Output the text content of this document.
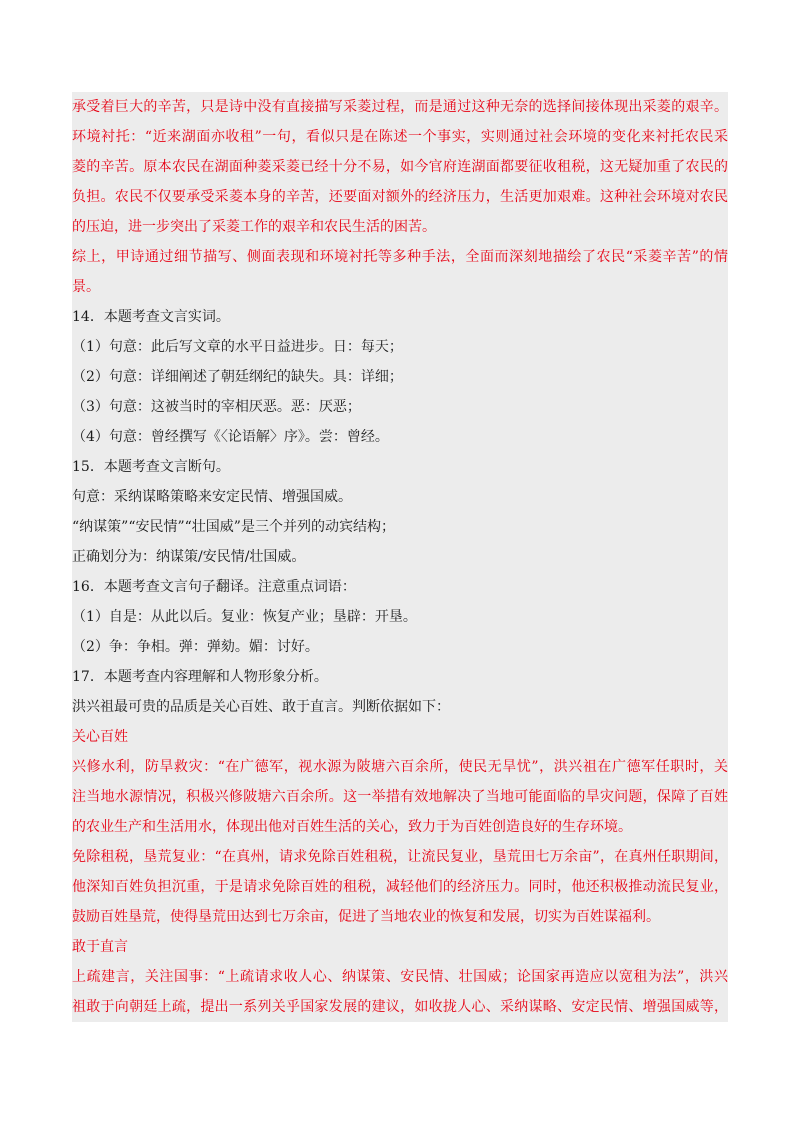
承受着巨大的辛苦，只是诗中没有直接描写采菱过程，而是通过这种无奈的选择间接体现出采菱的艰辛。

环境衬托：“近来湖面亦收租”一句，看似只是在陈述一个事实，实则通过社会环境的变化来衬托农民采

菱的辛苦。原本农民在湖面种菱采菱已经十分不易，如今官府连湖面都要征收租税，这无疑加重了农民的

负担。农民不仅要承受采菱本身的辛苦，还要面对额外的经济压力，生活更加艰难。这种社会环境对农民

的压迫，进一步突出了采菱工作的艰辛和农民生活的困苦。

综上，甲诗通过细节描写、侧面表现和环境衬托等多种手法，全面而深刻地描绘了农民“采菱辛苦”的情

景。

14．本题考查文言实词。

（1）句意：此后写文章的水平日益进步。日：每天；

（2）句意：详细阐述了朝廷纲纪的缺失。具：详细；

（3）句意：这被当时的宰相厌恶。恶：厌恶；

（4）句意：曾经撰写《〈论语解〉序》。尝：曾经。

15．本题考查文言断句。

句意：采纳谋略策略来安定民情、增强国威。

“纳谋策”“安民情”“壮国威”是三个并列的动宾结构；

正确划分为：纳谋策/安民情/壮国威。

16．本题考查文言句子翻译。注意重点词语：

（1）自是：从此以后。复业：恢复产业；垦辟：开垦。

（2）争：争相。弹：弹劾。媚：讨好。

17．本题考查内容理解和人物形象分析。

洪兴祖最可贵的品质是关心百姓、敢于直言。判断依据如下：

关心百姓

兴修水利，防旱救灾：“在广德军，视水源为陂塘六百余所，使民无旱忧”，洪兴祖在广德军任职时，关

注当地水源情况，积极兴修陂塘六百余所。这一举措有效地解决了当地可能面临的旱灾问题，保障了百姓

的农业生产和生活用水，体现出他对百姓生活的关心，致力于为百姓创造良好的生存环境。

免除租税，垦荒复业：“在真州，请求免除百姓租税，让流民复业，垦荒田七万余亩”，在真州任职期间，

他深知百姓负担沉重，于是请求免除百姓的租税，减轻他们的经济压力。同时，他还积极推动流民复业，

鼓励百姓垦荒，使得垦荒田达到七万余亩，促进了当地农业的恢复和发展，切实为百姓谋福利。

敢于直言

上疏建言，关注国事：“上疏请求收人心、纳谋策、安民情、壮国威；论国家再造应以宽租为法”，洪兴

祖敢于向朝廷上疏，提出一系列关乎国家发展的建议，如收拢人心、采纳谋略、安定民情、增强国威等，
